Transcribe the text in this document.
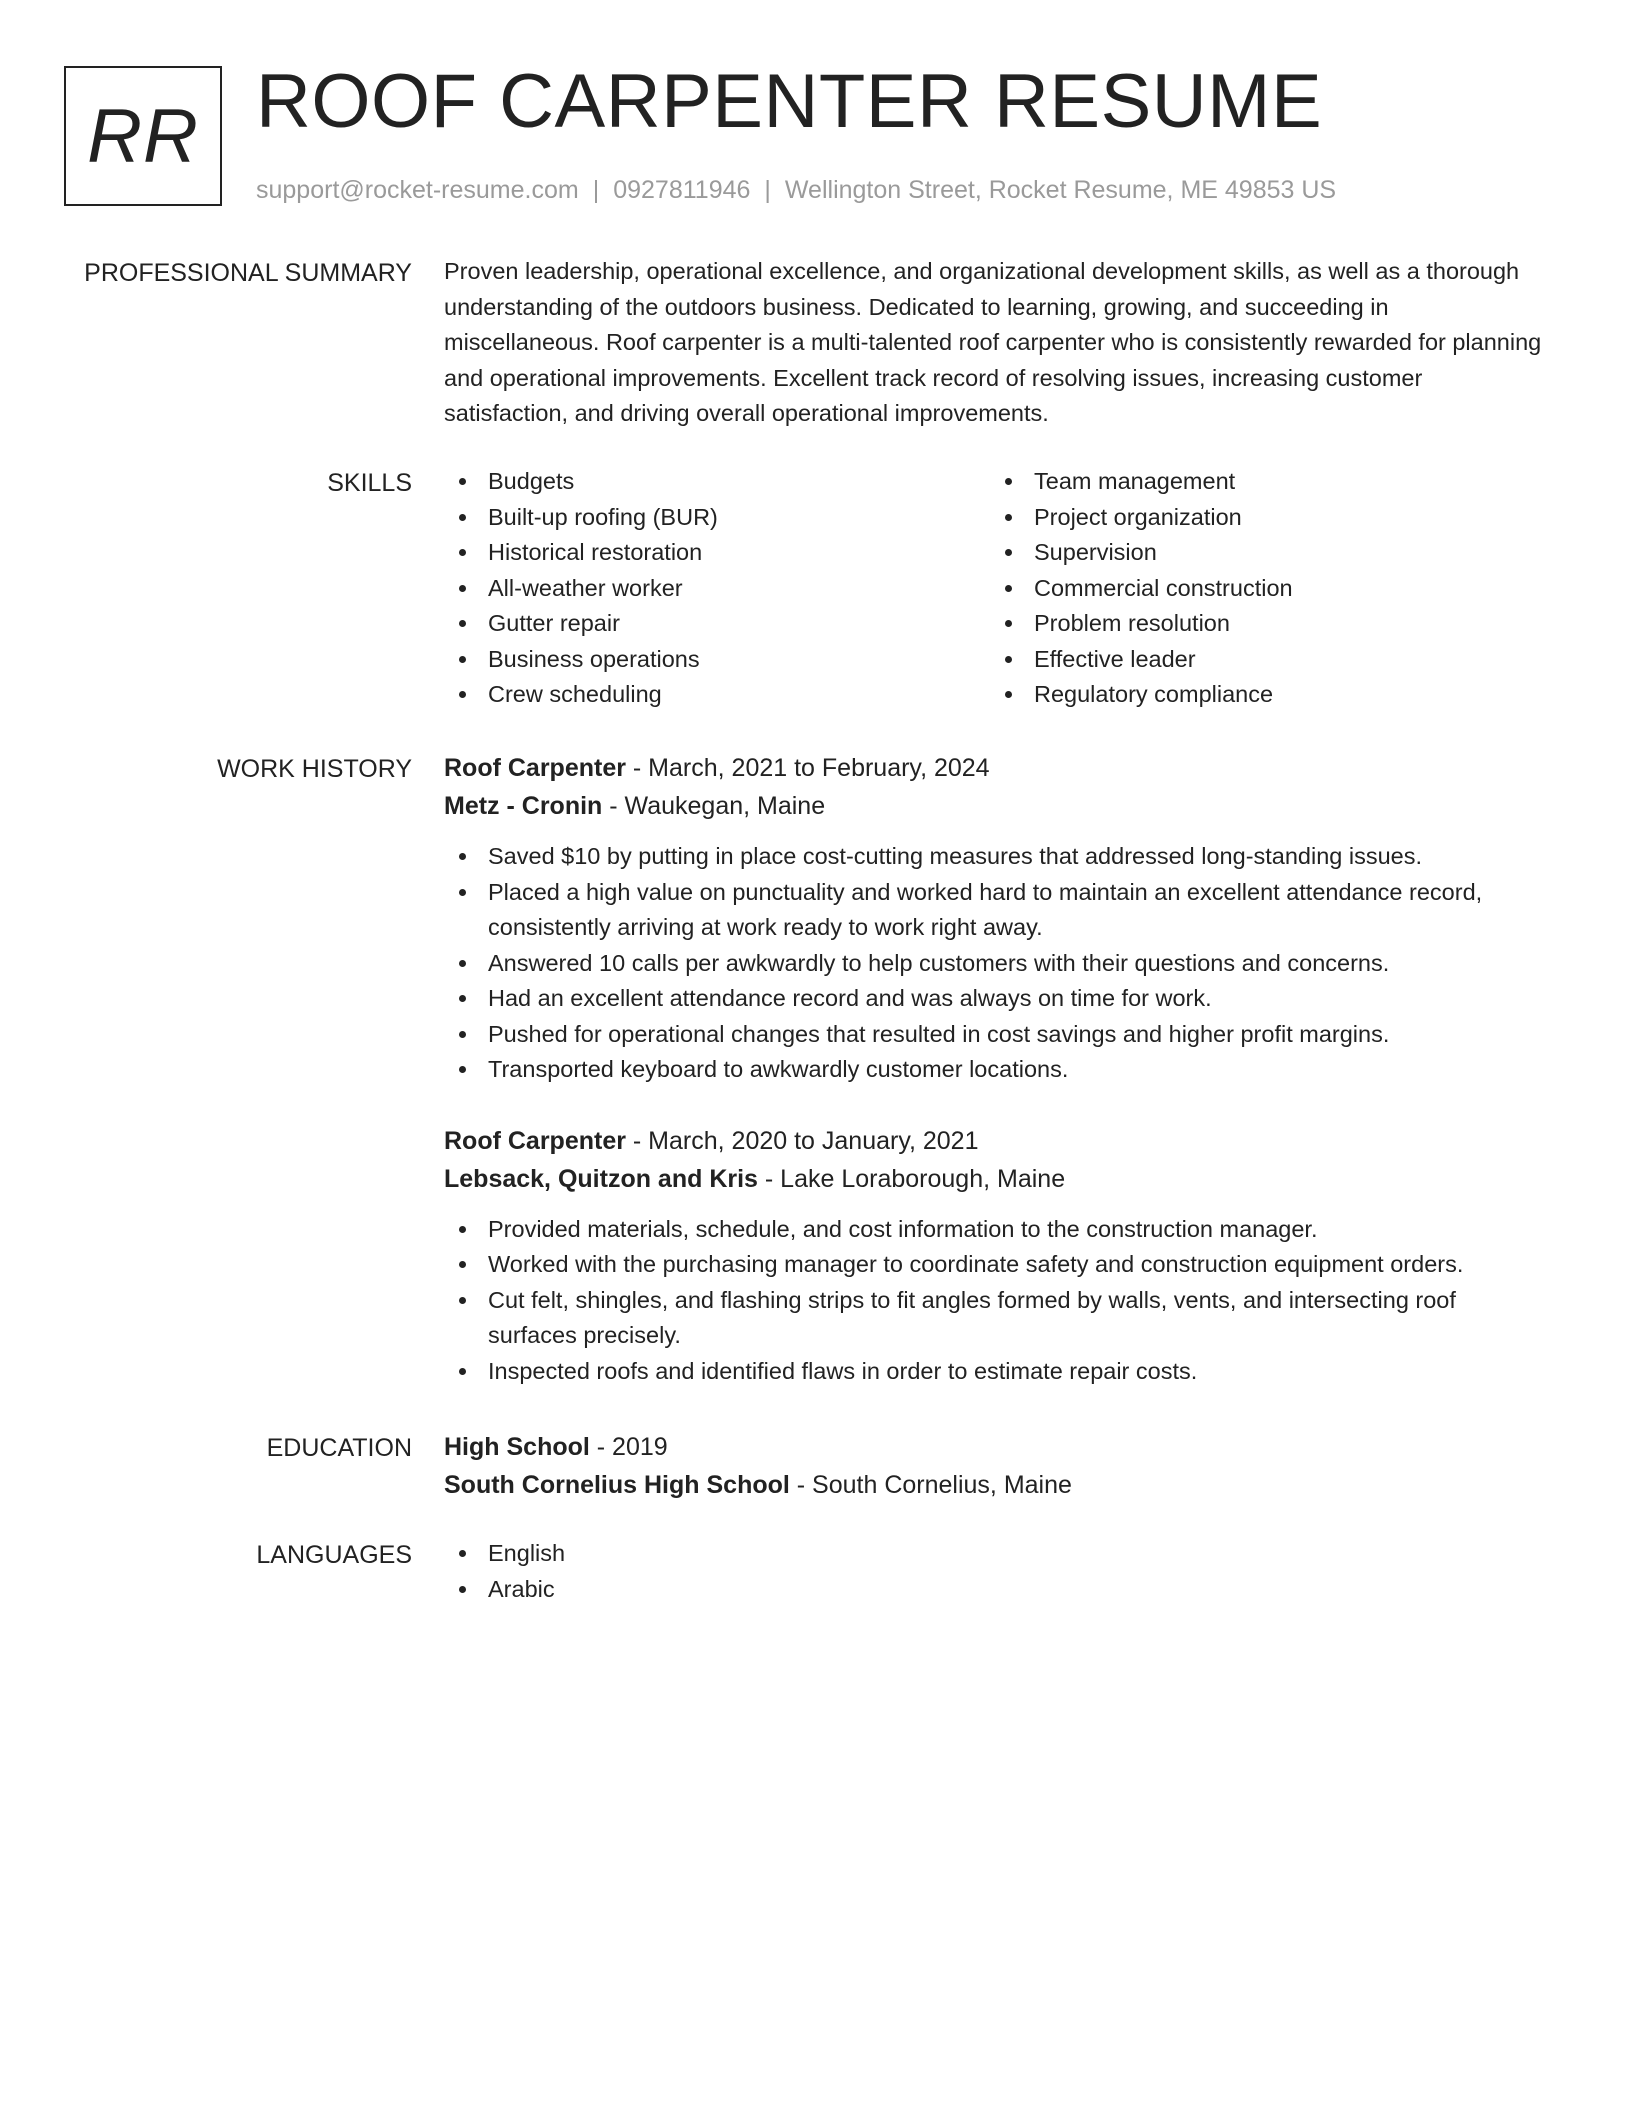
RR ROOF CARPENTER RESUME
support@rocket-resume.com | 0927811946 | Wellington Street, Rocket Resume, ME 49853 US
PROFESSIONAL SUMMARY Proven leadership, operational excellence, and organizational development skills, as well as a thorough understanding of the outdoors business. Dedicated to learning, growing, and succeeding in miscellaneous. Roof carpenter is a multi-talented roof carpenter who is consistently rewarded for planning and operational improvements. Excellent track record of resolving issues, increasing customer satisfaction, and driving overall operational improvements.

SKILLS	Budgets
Built-up roofing (BUR)
Historical restoration
All-weather worker
Gutter repair
Business operations
Crew scheduling
Team management
Project organization
Supervision
Commercial construction
Problem resolution
Effective leader
Regulatory compliance
WORK HISTORY Roof Carpenter - March, 2021 to February, 2024
Metz - Cronin - Waukegan, Maine
Saved $10 by putting in place cost-cutting measures that addressed long-standing issues.
Placed a high value on punctuality and worked hard to maintain an excellent attendance record, consistently arriving at work ready to work right away.
Answered 10 calls per awkwardly to help customers with their questions and concerns.
Had an excellent attendance record and was always on time for work.
Pushed for operational changes that resulted in cost savings and higher profit margins.
Transported keyboard to awkwardly customer locations.
Roof Carpenter - March, 2020 to January, 2021
Lebsack, Quitzon and Kris - Lake Loraborough, Maine
Provided materials, schedule, and cost information to the construction manager.
Worked with the purchasing manager to coordinate safety and construction equipment orders.
Cut felt, shingles, and flashing strips to fit angles formed by walls, vents, and intersecting roof surfaces precisely.
Inspected roofs and identified flaws in order to estimate repair costs.
EDUCATION High School - 2019
South Cornelius High School - South Cornelius, Maine
LANGUAGES	English
Arabic
